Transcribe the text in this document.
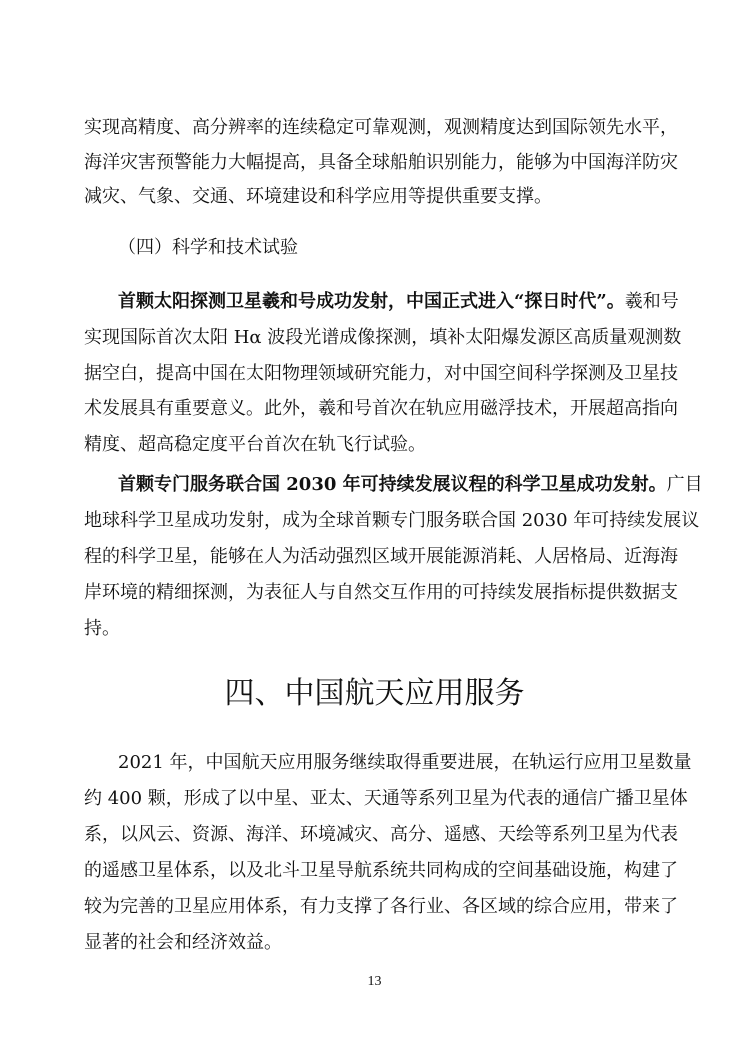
实现高精度、高分辨率的连续稳定可靠观测，观测精度达到国际领先水平，
海洋灾害预警能力大幅提高，具备全球船舶识别能力，能够为中国海洋防灾
减灾、气象、交通、环境建设和科学应用等提供重要支撑。
（四）科学和技术试验
首颗太阳探测卫星羲和号成功发射，中国正式进入“探日时代”。羲和号
实现国际首次太阳 Hα 波段光谱成像探测，填补太阳爆发源区高质量观测数
据空白，提高中国在太阳物理领域研究能力，对中国空间科学探测及卫星技
术发展具有重要意义。此外，羲和号首次在轨应用磁浮技术，开展超高指向
精度、超高稳定度平台首次在轨飞行试验。
首颗专门服务联合国 2030 年可持续发展议程的科学卫星成功发射。广目
地球科学卫星成功发射，成为全球首颗专门服务联合国 2030 年可持续发展议
程的科学卫星，能够在人为活动强烈区域开展能源消耗、人居格局、近海海
岸环境的精细探测，为表征人与自然交互作用的可持续发展指标提供数据支
持。
四、中国航天应用服务
2021 年，中国航天应用服务继续取得重要进展，在轨运行应用卫星数量
约 400 颗，形成了以中星、亚太、天通等系列卫星为代表的通信广播卫星体
系，以风云、资源、海洋、环境减灾、高分、遥感、天绘等系列卫星为代表
的遥感卫星体系，以及北斗卫星导航系统共同构成的空间基础设施，构建了
较为完善的卫星应用体系，有力支撑了各行业、各区域的综合应用，带来了
显著的社会和经济效益。
13
